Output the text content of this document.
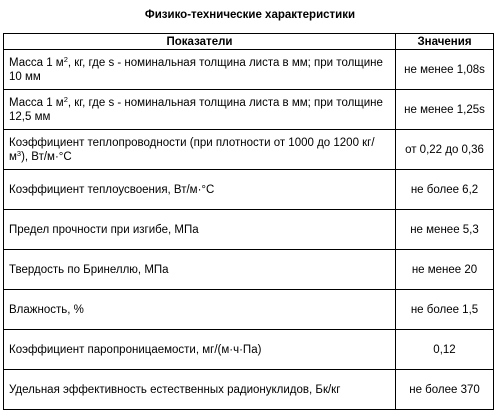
Физико-технические характеристики
Показатели	Значения
Масса 1 $м^2$, кг, где s - номинальная толщина листа в мм; при толщине 10 мм	не менее 1,08s
Масса 1 $м^2$, кг, где s - номинальная толщина листа в мм; при толщине 12,5 мм	не менее 1,25s
Коэффициент теплопроводности (при плотности от 1000 до 1200 $кг/м^3$), Вт/м·°С	от 0,22 до 0,36
Коэффициент теплоусвоения, Вт/м·°С	не более 6,2
Предел прочности при изгибе, МПа	не менее 5,3
Твердость по Бринеллю, МПа	не менее 20
Влажность, %	не более 1,5
Коэффициент паропроницаемости, мг/(м·ч·Па)	0,12
Удельная эффективность естественных радионуклидов, Бк/кг	не более 370
